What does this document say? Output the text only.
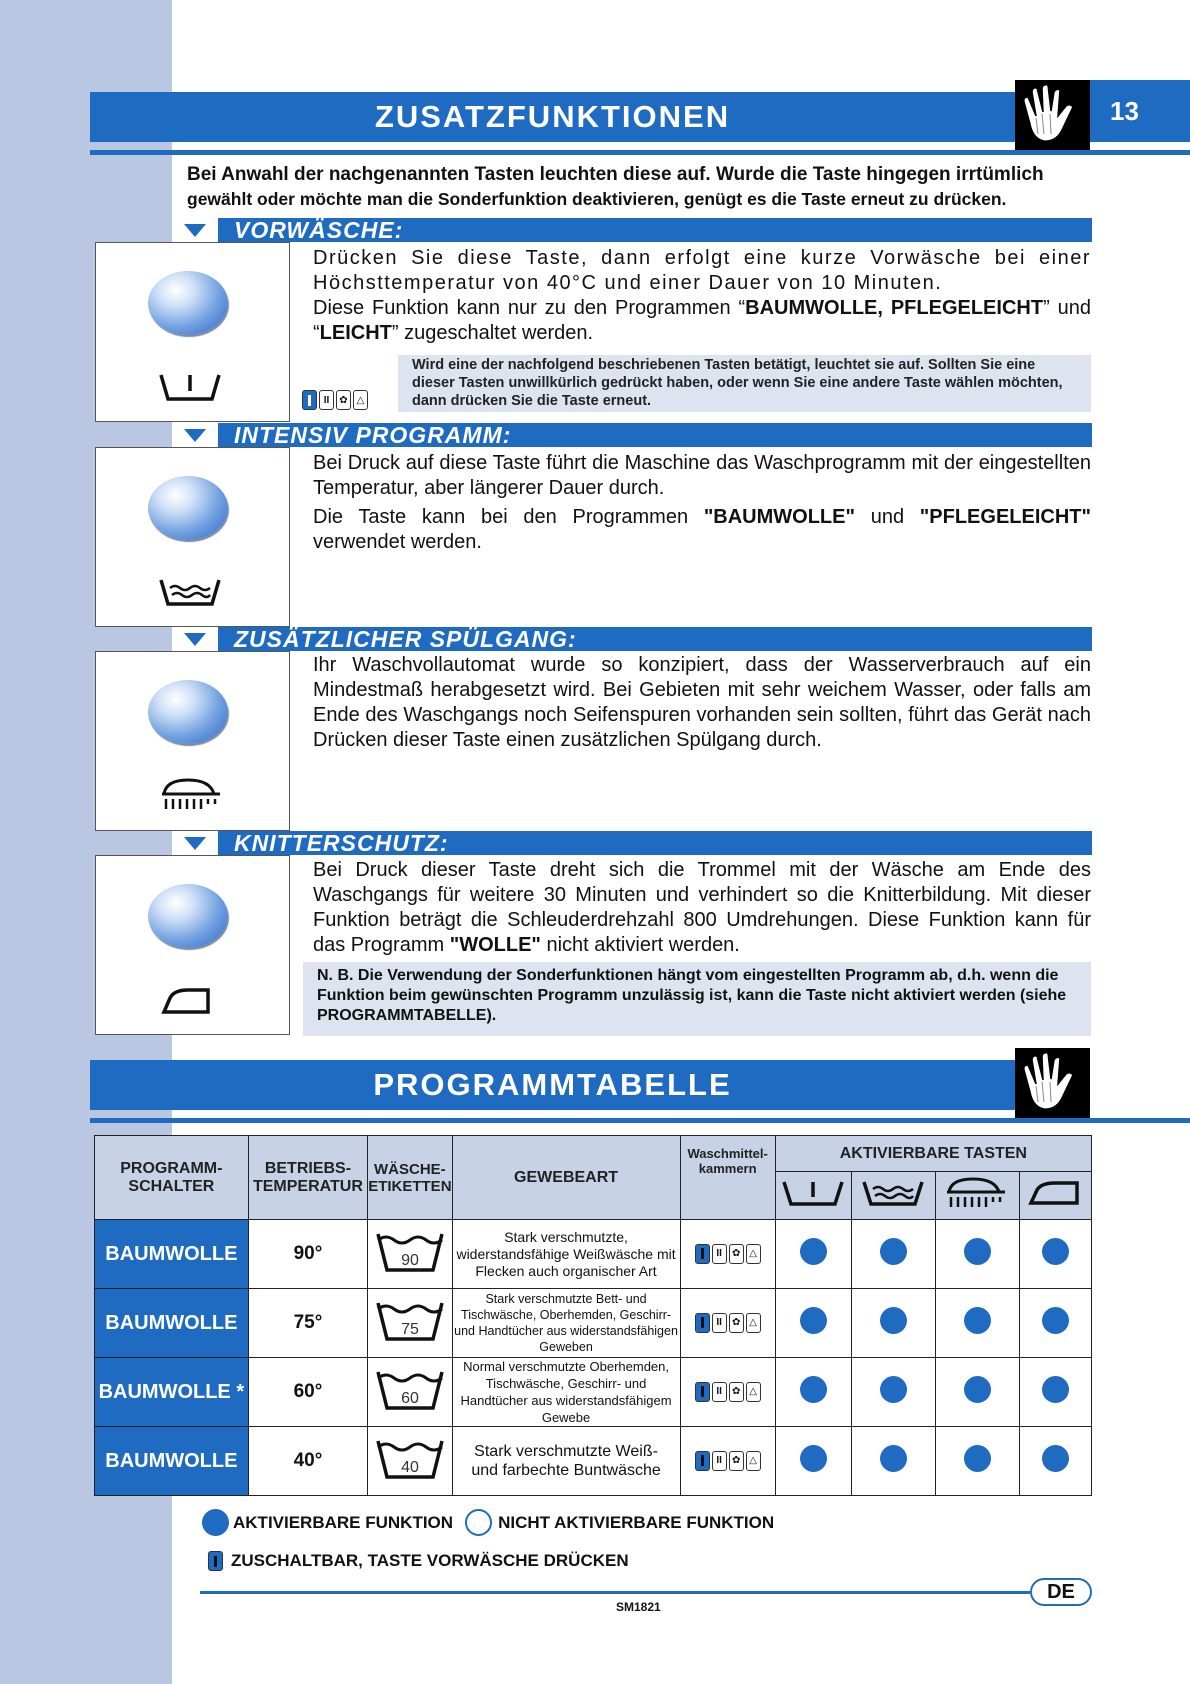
ZUSATZFUNKTIONEN	13
Bei Anwahl der nachgenannten Tasten leuchten diese auf. Wurde die Taste hingegen irrtümlich
gewählt oder möchte man die Sonderfunktion deaktivieren, genügt es die Taste erneut zu drücken.
VORWÄSCHE:
Drücken Sie diese Taste, dann erfolgt eine kurze Vorwäsche bei einer Höchsttemperatur von 40°C und einer Dauer von 10 Minuten.
Diese Funktion kann nur zu den Programmen “BAUMWOLLE, PFLEGELEICHT” und “LEICHT” zugeschaltet werden.
II	✿ △
Wird eine der nachfolgend beschriebenen Tasten betätigt, leuchtet sie auf. Sollten Sie eine dieser Tasten unwillkürlich gedrückt haben, oder wenn Sie eine andere Taste wählen möchten, dann drücken Sie die Taste erneut.
INTENSIV PROGRAMM:
Bei Druck auf diese Taste führt die Maschine das Waschprogramm mit der eingestellten Temperatur, aber längerer Dauer durch.
Die Taste kann bei den Programmen "BAUMWOLLE" und "PFLEGELEICHT" verwendet werden.
ZUSÄTZLICHER SPÜLGANG:
Ihr Waschvollautomat wurde so konzipiert, dass der Wasserverbrauch auf ein Mindestmaß herabgesetzt wird. Bei Gebieten mit sehr weichem Wasser, oder falls am Ende des Waschgangs noch Seifenspuren vorhanden sein sollten, führt das Gerät nach Drücken dieser Taste einen zusätzlichen Spülgang durch.
KNITTERSCHUTZ:
Bei Druck dieser Taste dreht sich die Trommel mit der Wäsche am Ende des Waschgangs für weitere 30 Minuten und verhindert so die Knitterbildung. Mit dieser Funktion beträgt die Schleuderdrehzahl 800 Umdrehungen. Diese Funktion kann für das Programm "WOLLE" nicht aktiviert werden.
N. B. Die Verwendung der Sonderfunktionen hängt vom eingestellten Programm ab, d.h. wenn die Funktion beim gewünschten Programm unzulässig ist, kann die Taste nicht aktiviert werden (siehe PROGRAMMTABELLE).
PROGRAMMTABELLE
PROGRAMM-SCHALTER	BETRIEBS-TEMPERATUR	WÄSCHE-ETIKETTEN	GEWEBEART	Waschmittel-kammern	AKTIVIERBARE TASTEN			

BAUMWOLLE	90°	90	Stark verschmutzte, widerstandsfähige Weißwäsche mit Flecken auch organischer Art	II ✿ △				

BAUMWOLLE	75°	75	Stark verschmutzte Bett- und Tischwäsche, Oberhemden, Geschirr- und Handtücher aus widerstandsfähigen Geweben	II ✿ △				

BAUMWOLLE *	60°	60	Normal verschmutzte Oberhemden, Tischwäsche, Geschirr- und Handtücher aus widerstandsfähigem Gewebe	II ✿ △				

BAUMWOLLE	40°	40	Stark verschmutzte Weiß- und farbechte Buntwäsche	II ✿ △				

AKTIVIERBARE FUNKTION	NICHT AKTIVIERBARE FUNKTION
ZUSCHALTBAR, TASTE VORWÄSCHE DRÜCKEN
DE
SM1821
